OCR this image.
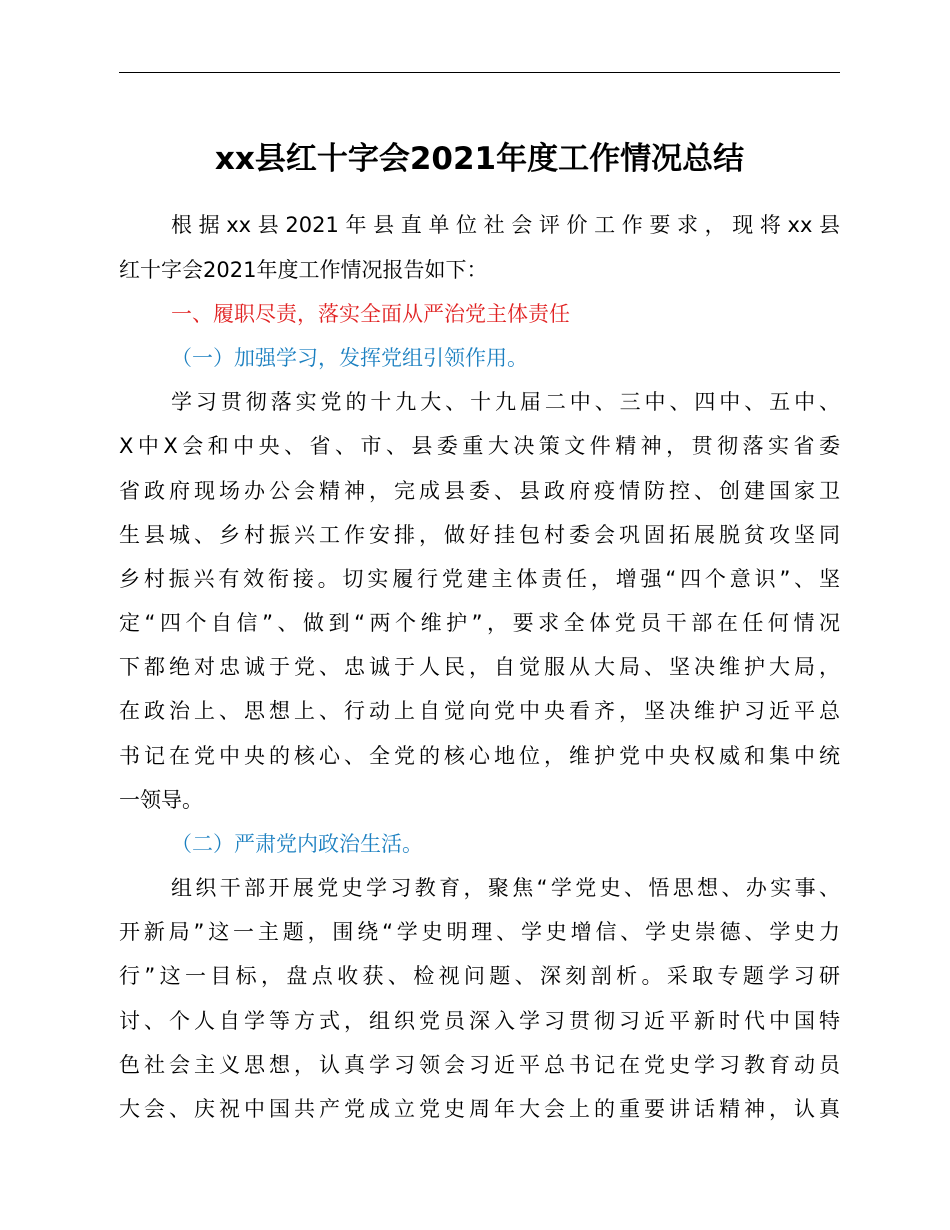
xx县红十字会2021年度工作情况总结

根据xx县2021年县直单位社会评价工作要求，现将xx县

红十字会2021年度工作情况报告如下：

一、履职尽责，落实全面从严治党主体责任

（一）加强学习，发挥党组引领作用。

学习贯彻落实党的十九大、十九届二中、三中、四中、五中、

X中X会和中央、省、市、县委重大决策文件精神，贯彻落实省委

省政府现场办公会精神，完成县委、县政府疫情防控、创建国家卫

生县城、乡村振兴工作安排，做好挂包村委会巩固拓展脱贫攻坚同

乡村振兴有效衔接。切实履行党建主体责任，增强“四个意识”、坚

定“四个自信”、做到“两个维护”，要求全体党员干部在任何情况

下都绝对忠诚于党、忠诚于人民，自觉服从大局、坚决维护大局，

在政治上、思想上、行动上自觉向党中央看齐，坚决维护习近平总

书记在党中央的核心、全党的核心地位，维护党中央权威和集中统

一领导。

（二）严肃党内政治生活。

组织干部开展党史学习教育，聚焦“学党史、悟思想、办实事、

开新局”这一主题，围绕“学史明理、学史增信、学史崇德、学史力

行”这一目标，盘点收获、检视问题、深刻剖析。采取专题学习研

讨、个人自学等方式，组织党员深入学习贯彻习近平新时代中国特

色社会主义思想，认真学习领会习近平总书记在党史学习教育动员

大会、庆祝中国共产党成立党史周年大会上的重要讲话精神，认真
